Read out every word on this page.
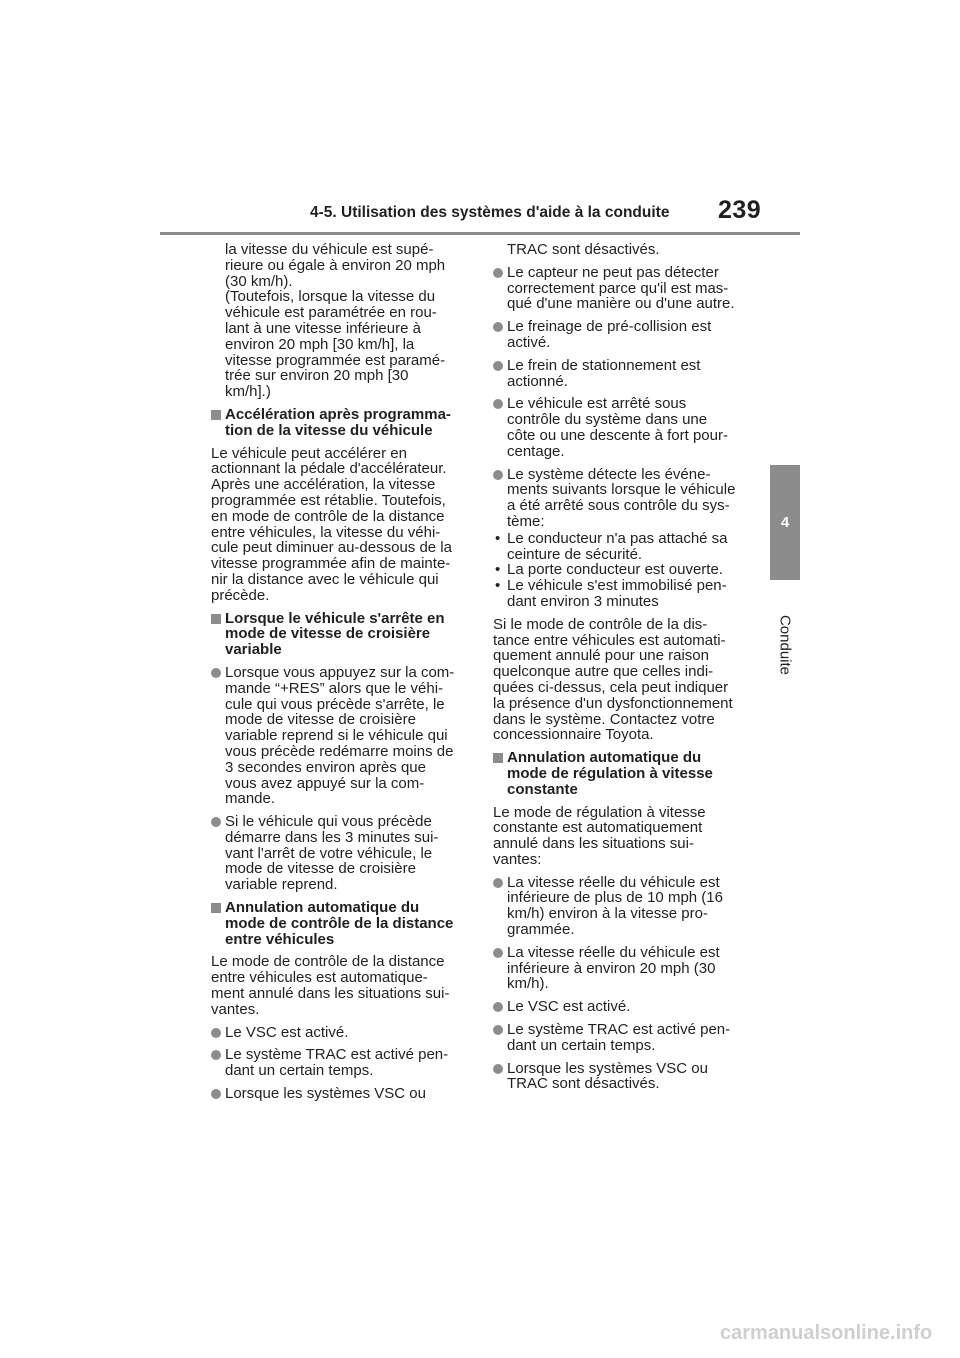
4-5. Utilisation des systèmes d'aide à la conduite 239
4
Conduite
la vitesse du véhicule est supé-
rieure ou égale à environ 20 mph
(30 km/h).
(Toutefois, lorsque la vitesse du
véhicule est paramétrée en rou-
lant à une vitesse inférieure à
environ 20 mph [30 km/h], la
vitesse programmée est paramé-
trée sur environ 20 mph [30
km/h].)
Accélération après programma-
tion de la vitesse du véhicule
Le véhicule peut accélérer en
actionnant la pédale d'accélérateur.
Après une accélération, la vitesse
programmée est rétablie. Toutefois,
en mode de contrôle de la distance
entre véhicules, la vitesse du véhi-
cule peut diminuer au-dessous de la
vitesse programmée afin de mainte-
nir la distance avec le véhicule qui
précède.
Lorsque le véhicule s'arrête en
mode de vitesse de croisière
variable
Lorsque vous appuyez sur la com-
mande “+RES” alors que le véhi-
cule qui vous précède s'arrête, le
mode de vitesse de croisière
variable reprend si le véhicule qui
vous précède redémarre moins de
3 secondes environ après que
vous avez appuyé sur la com-
mande.
Si le véhicule qui vous précède
démarre dans les 3 minutes sui-
vant l'arrêt de votre véhicule, le
mode de vitesse de croisière
variable reprend.
Annulation automatique du
mode de contrôle de la distance
entre véhicules
Le mode de contrôle de la distance
entre véhicules est automatique-
ment annulé dans les situations sui-
vantes.
Le VSC est activé.
Le système TRAC est activé pen-
dant un certain temps.
Lorsque les systèmes VSC ou
TRAC sont désactivés.
Le capteur ne peut pas détecter
correctement parce qu'il est mas-
qué d'une manière ou d'une autre.
Le freinage de pré-collision est
activé.
Le frein de stationnement est
actionné.
Le véhicule est arrêté sous
contrôle du système dans une
côte ou une descente à fort pour-
centage.
Le système détecte les événe-
ments suivants lorsque le véhicule
a été arrêté sous contrôle du sys-
tème:
• Le conducteur n'a pas attaché sa
ceinture de sécurité.
• La porte conducteur est ouverte.
• Le véhicule s'est immobilisé pen-
dant environ 3 minutes
Si le mode de contrôle de la dis-
tance entre véhicules est automati-
quement annulé pour une raison
quelconque autre que celles indi-
quées ci-dessus, cela peut indiquer
la présence d'un dysfonctionnement
dans le système. Contactez votre
concessionnaire Toyota.
Annulation automatique du
mode de régulation à vitesse
constante
Le mode de régulation à vitesse
constante est automatiquement
annulé dans les situations sui-
vantes:
La vitesse réelle du véhicule est
inférieure de plus de 10 mph (16
km/h) environ à la vitesse pro-
grammée.
La vitesse réelle du véhicule est
inférieure à environ 20 mph (30
km/h).
Le VSC est activé.
Le système TRAC est activé pen-
dant un certain temps.
Lorsque les systèmes VSC ou
TRAC sont désactivés.
carmanualsonline.info
